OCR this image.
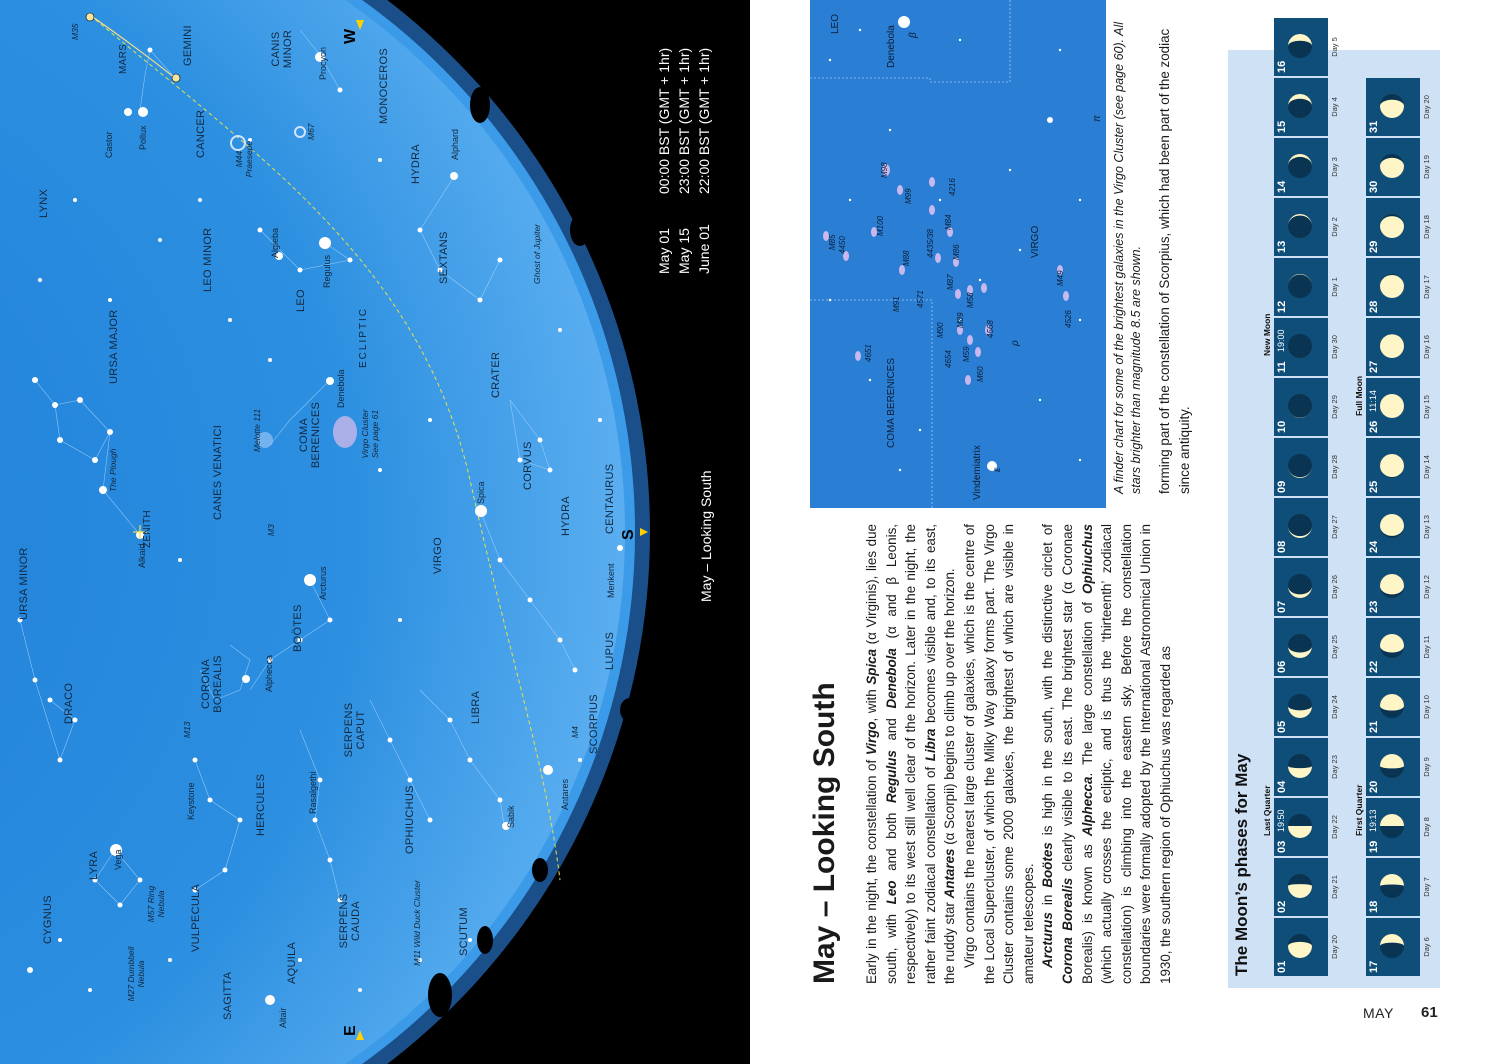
URSA MINOR
DRACO
CYGNUS
LYRA
VULPECULA
SAGITTA
AQUILA
HERCULES
SERPENS CAUDA
OPHIUCHUS
SCUTUM
SERPENS CAPUT
CORONA BOREALIS
BOÖTES
CANES VENATICI	COMA BERENICES
URSA MAJOR
LEO MINOR
LYNX
LEO
CANCER
GEMINI	CANIS MINOR	MONOCEROS
HYDRA
SEXTANS
CRATER
CORVUS
VIRGO
LIBRA
HYDRA	CENTAURUS
LUPUS
SCORPIUS
Vega
Altair
Keystone	Rasalgethi
Alphecca
Arcturus
Alkaid
Spica
Denebola
Regulus
Algieba
Alphard
Castor	Pollux
Procyon
Menkent
Antares
Sabik
MARS
ZENITH
M27 Dumbbell Nebula
M57 Ring Nebula
M13
M3
Melotte 111	Virgo Cluster See page 61
M11 Wild Duck Cluster
M4
M44 Praesepe
M67
M35
The Plough
Ghost of Jupiter
ECLIPTIC
E
S
W
May – Looking South
May 01 May 15 June 01
00:00 BST (GMT + 1hr) 23:00 BST (GMT + 1hr) 22:00 BST (GMT + 1hr)
LEO
COMA BERENICES
VIRGO
Denebola
Vindemiatrix
M85 4450
M100
M98
M99
M88
4216
M91
4435/38
M84
4571
M86
4651
M87
4654
M90
M89
M58
4568
M59
M60
M49
4526
β
ε
ρ
π
May – Looking South Early in the night, the constellation of Virgo, with Spica (α Virginis), lies due south, with Leo and both Regulus and Denebola (α and β Leonis, respectively) to its west still well clear of the horizon. Later in the night, the rather faint zodiacal constellation of Libra becomes visible and, to its east, the ruddy star Antares (α Scorpii) begins to climb up over the horizon. Virgo contains the nearest large cluster of galaxies, which is the centre of the Local Supercluster, of which the Milky Way galaxy forms part. The Virgo Cluster contains some 2000 galaxies, the brightest of which are visible in amateur telescopes. Arcturus in Boötes is high in the south, with the distinctive circlet of Corona Borealis clearly visible to its east. The brightest star (α Coronae Borealis) is known as Alphecca. The large constellation of Ophiuchus (which actually crosses the ecliptic, and is thus the ‘thirteenth’ zodiacal constellation) is climbing into the eastern sky. Before the constellation boundaries were formally adopted by the International Astronomical Union in 1930, the southern region of Ophiuchus was regarded as

A finder chart for some of the brightest galaxies in the Virgo Cluster (see page 60). All stars brighter than magnitude 8.5 are shown. forming part of the constellation of Scorpius, which had been part of the zodiac since antiquity.
The Moon’s phases for May 01
Day 20
02
Day 21
03
19:50	Day 22
Last Quarter 04
Day 23
05
Day 24
06
Day 25
07
Day 26
08
Day 27
09
Day 28
10
Day 29
11
19:00	Day 30
New Moon
12
Day 1
13
Day 2
14
Day 3
15
Day 4
16
Day 5
17
Day 6
18
Day 7
19
19:13	Day 8
First Quarter 20
Day 9
21
Day 10
22
Day 11
23
Day 12
24
Day 13
25
Day 14
26
11:14	Day 15
Full Moon
27
Day 16
28
Day 17
29
Day 18
30
Day 19
31
Day 20
MAY 61
